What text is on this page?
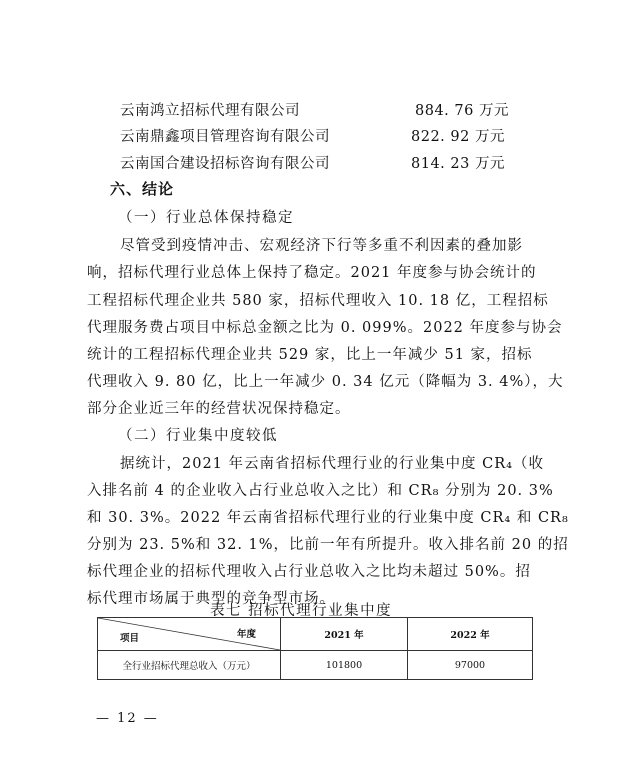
云南鸿立招标代理有限公司	884. 76 万元
云南鼎鑫项目管理咨询有限公司	822. 92 万元
云南国合建设招标咨询有限公司	814. 23 万元
六、结论
（一）行业总体保持稳定
尽管受到疫情冲击、宏观经济下行等多重不利因素的叠加影
响，招标代理行业总体上保持了稳定。2021 年度参与协会统计的
工程招标代理企业共 580 家，招标代理收入 10. 18 亿，工程招标
代理服务费占项目中标总金额之比为 0. 099%。2022 年度参与协会
统计的工程招标代理企业共 529 家，比上一年减少 51 家，招标
代理收入 9. 80 亿，比上一年减少 0. 34 亿元（降幅为 3. 4%），大
部分企业近三年的经营状况保持稳定。
（二）行业集中度较低
据统计，2021 年云南省招标代理行业的行业集中度 CR₄（收
入排名前 4 的企业收入占行业总收入之比）和 CR₈ 分别为 20. 3%
和 30. 3%。2022 年云南省招标代理行业的行业集中度 CR₄ 和 CR₈
分别为 23. 5%和 32. 1%，比前一年有所提升。收入排名前 20 的招
标代理企业的招标代理收入占行业总收入之比均未超过 50%。招
标代理市场属于典型的竞争型市场。
表七 招标代理行业集中度
项目 年度	2021 年	2022 年
全行业招标代理总收入（万元）	101800	97000
— 12 —
